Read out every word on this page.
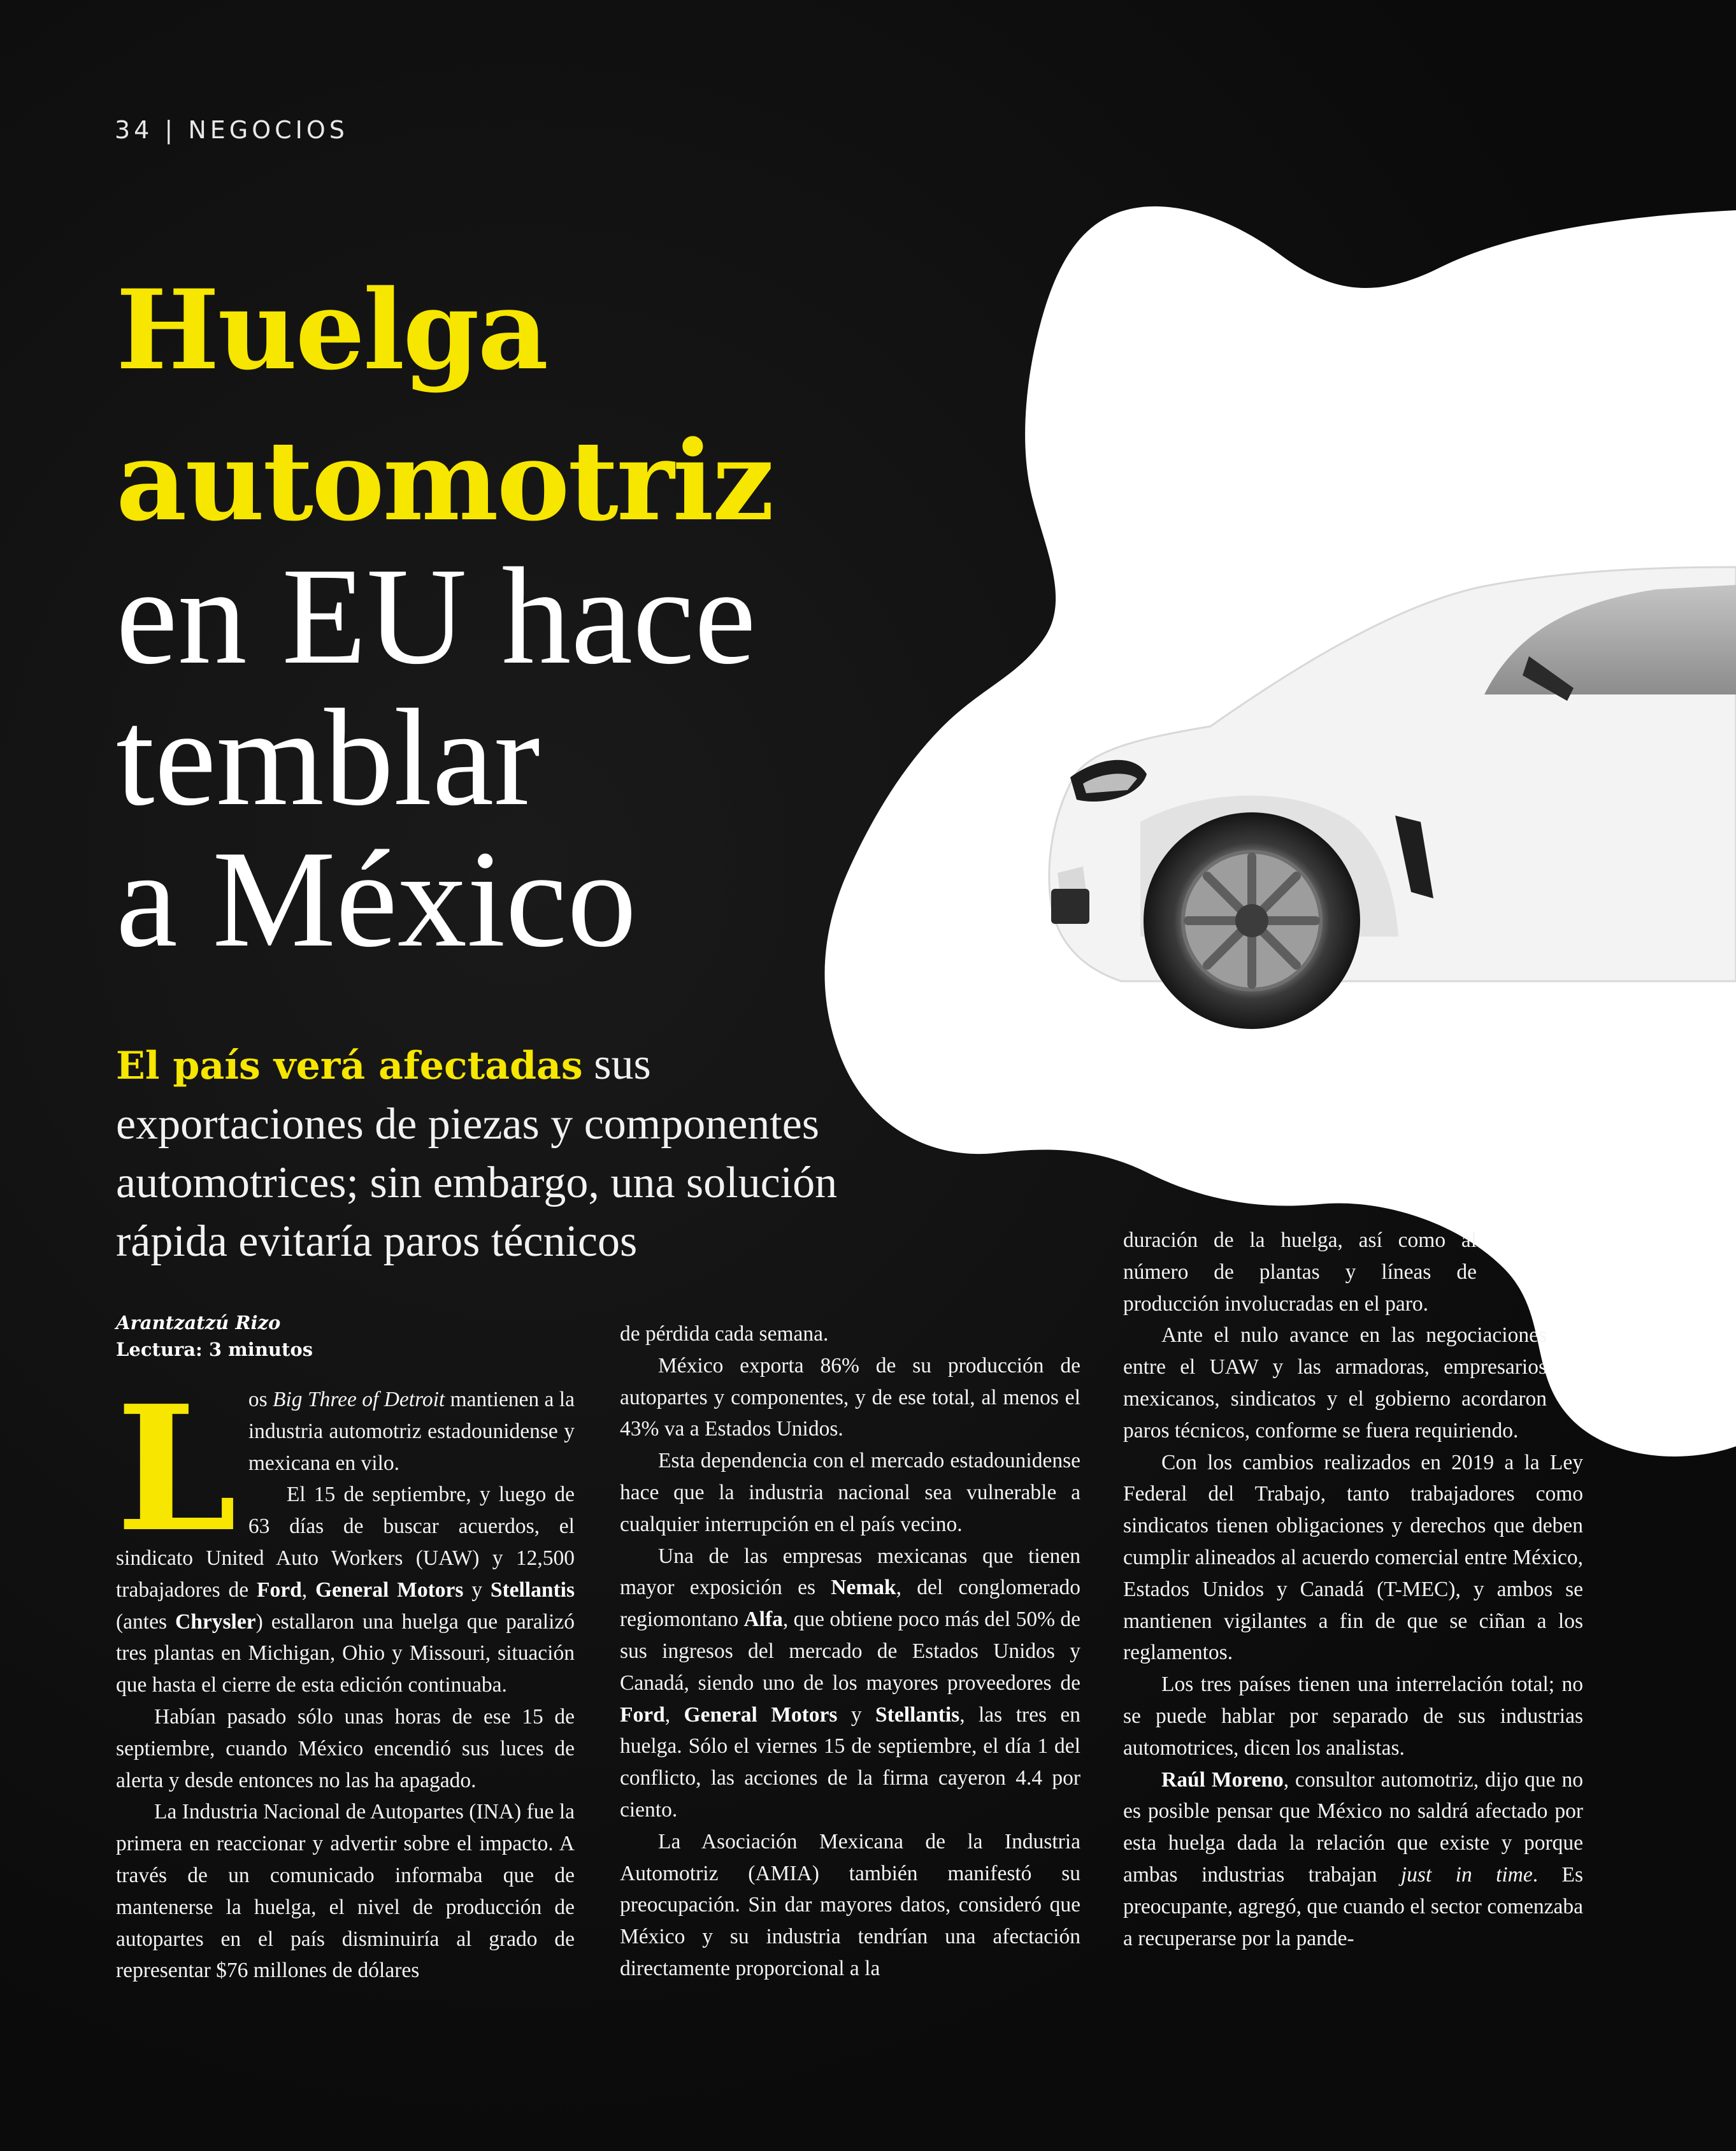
34 | NEGOCIOS
Huelga
automotriz
en EU hace
temblar
a México
El país verá afectadas sus exportaciones de piezas y componentes automotrices; sin embargo, una solución rápida evitaría paros técnicos
Arantzatzú Rizo
Lectura: 3 minutos
L os Big Three of Detroit mantienen a la industria automotriz estadounidense y mexicana en vilo.

El 15 de septiembre, y luego de 63 días de buscar acuerdos, el sindicato United Auto Workers (UAW) y 12,500 trabajadores de Ford, General Motors y Stellantis (antes Chrysler) estallaron una huelga que paralizó tres plantas en Michigan, Ohio y Missouri, situación que hasta el cierre de esta edición continuaba.

Habían pasado sólo unas horas de ese 15 de septiembre, cuando México encendió sus luces de alerta y desde entonces no las ha apagado.

La Industria Nacional de Autopartes (INA) fue la primera en reaccionar y advertir sobre el impacto. A través de un comunicado informaba que de mantenerse la huelga, el nivel de producción de autopartes en el país disminuiría al grado de representar $76 millones de dólares

de pérdida cada semana.

México exporta 86% de su producción de autopartes y componentes, y de ese total, al menos el 43% va a Estados Unidos.

Esta dependencia con el mercado estadounidense hace que la industria nacional sea vulnerable a cualquier interrupción en el país vecino.

Una de las empresas mexicanas que tienen mayor exposición es Nemak, del conglomerado regiomontano Alfa, que obtiene poco más del 50% de sus ingresos del mercado de Estados Unidos y Canadá, siendo uno de los mayores proveedores de Ford, General Motors y Stellantis, las tres en huelga. Sólo el viernes 15 de septiembre, el día 1 del conflicto, las acciones de la firma cayeron 4.4 por ciento.

La Asociación Mexicana de la Industria Automotriz (AMIA) también manifestó su preocupación. Sin dar mayores datos, consideró que México y su industria tendrían una afectación directamente proporcional a la

duración de la huelga, así como al número de plantas y líneas de producción involucradas en el paro.

Ante el nulo avance en las negociaciones entre el UAW y las armadoras, empresarios mexicanos, sindicatos y el gobierno acordaron paros técnicos, conforme se fuera requiriendo.

Con los cambios realizados en 2019 a la Ley Federal del Trabajo, tanto trabajadores como sindicatos tienen obligaciones y derechos que deben cumplir alineados al acuerdo comercial entre México, Estados Unidos y Canadá (T-MEC), y ambos se mantienen vigilantes a fin de que se ciñan a los reglamentos.

Los tres países tienen una interrelación total; no se puede hablar por separado de sus industrias automotrices, dicen los analistas.

Raúl Moreno, consultor automotriz, dijo que no es posible pensar que México no saldrá afectado por esta huelga dada la relación que existe y porque ambas industrias trabajan just in time. Es preocupante, agregó, que cuando el sector comenzaba a recuperarse por la pande-
